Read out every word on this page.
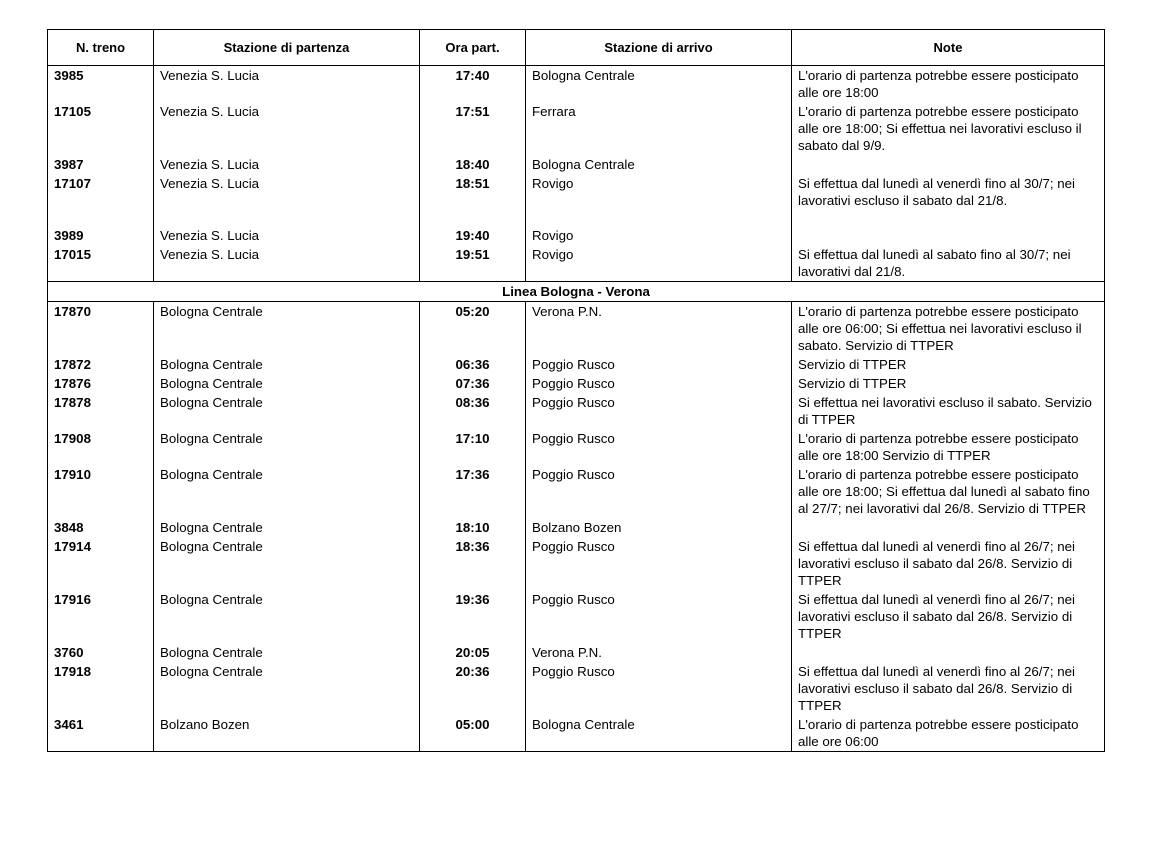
N. treno	Stazione di partenza	Ora part.	Stazione di arrivo	Note
3985	Venezia S. Lucia	17:40	Bologna Centrale	L'orario di partenza potrebbe essere posticipato alle ore 18:00
17105	Venezia S. Lucia	17:51	Ferrara	L'orario di partenza potrebbe essere posticipato alle ore 18:00; Si effettua nei lavorativi escluso il sabato dal 9/9.
3987	Venezia S. Lucia	18:40	Bologna Centrale	
17107	Venezia S. Lucia	18:51	Rovigo	Si effettua dal lunedì al venerdì fino al 30/7; nei lavorativi escluso il sabato dal 21/8.

3989	Venezia S. Lucia	19:40	Rovigo	
17015	Venezia S. Lucia	19:51	Rovigo	Si effettua dal lunedì al sabato fino al 30/7; nei lavorativi dal 21/8.
Linea Bologna - Verona				
17870	Bologna Centrale	05:20	Verona P.N.	L'orario di partenza potrebbe essere posticipato alle ore 06:00; Si effettua nei lavorativi escluso il sabato. Servizio di TTPER
17872	Bologna Centrale	06:36	Poggio Rusco	Servizio di TTPER
17876	Bologna Centrale	07:36	Poggio Rusco	Servizio di TTPER
17878	Bologna Centrale	08:36	Poggio Rusco	Si effettua nei lavorativi escluso il sabato. Servizio di TTPER
17908	Bologna Centrale	17:10	Poggio Rusco	L'orario di partenza potrebbe essere posticipato alle ore 18:00 Servizio di TTPER
17910	Bologna Centrale	17:36	Poggio Rusco	L'orario di partenza potrebbe essere posticipato alle ore 18:00; Si effettua dal lunedì al sabato fino al 27/7; nei lavorativi dal 26/8. Servizio di TTPER
3848	Bologna Centrale	18:10	Bolzano Bozen	
17914	Bologna Centrale	18:36	Poggio Rusco	Si effettua dal lunedì al venerdì fino al 26/7; nei lavorativi escluso il sabato dal 26/8. Servizio di TTPER
17916	Bologna Centrale	19:36	Poggio Rusco	Si effettua dal lunedì al venerdì fino al 26/7; nei lavorativi escluso il sabato dal 26/8. Servizio di TTPER
3760	Bologna Centrale	20:05	Verona P.N.	
17918	Bologna Centrale	20:36	Poggio Rusco	Si effettua dal lunedì al venerdì fino al 26/7; nei lavorativi escluso il sabato dal 26/8. Servizio di TTPER
3461	Bolzano Bozen	05:00	Bologna Centrale	L'orario di partenza potrebbe essere posticipato alle ore 06:00
